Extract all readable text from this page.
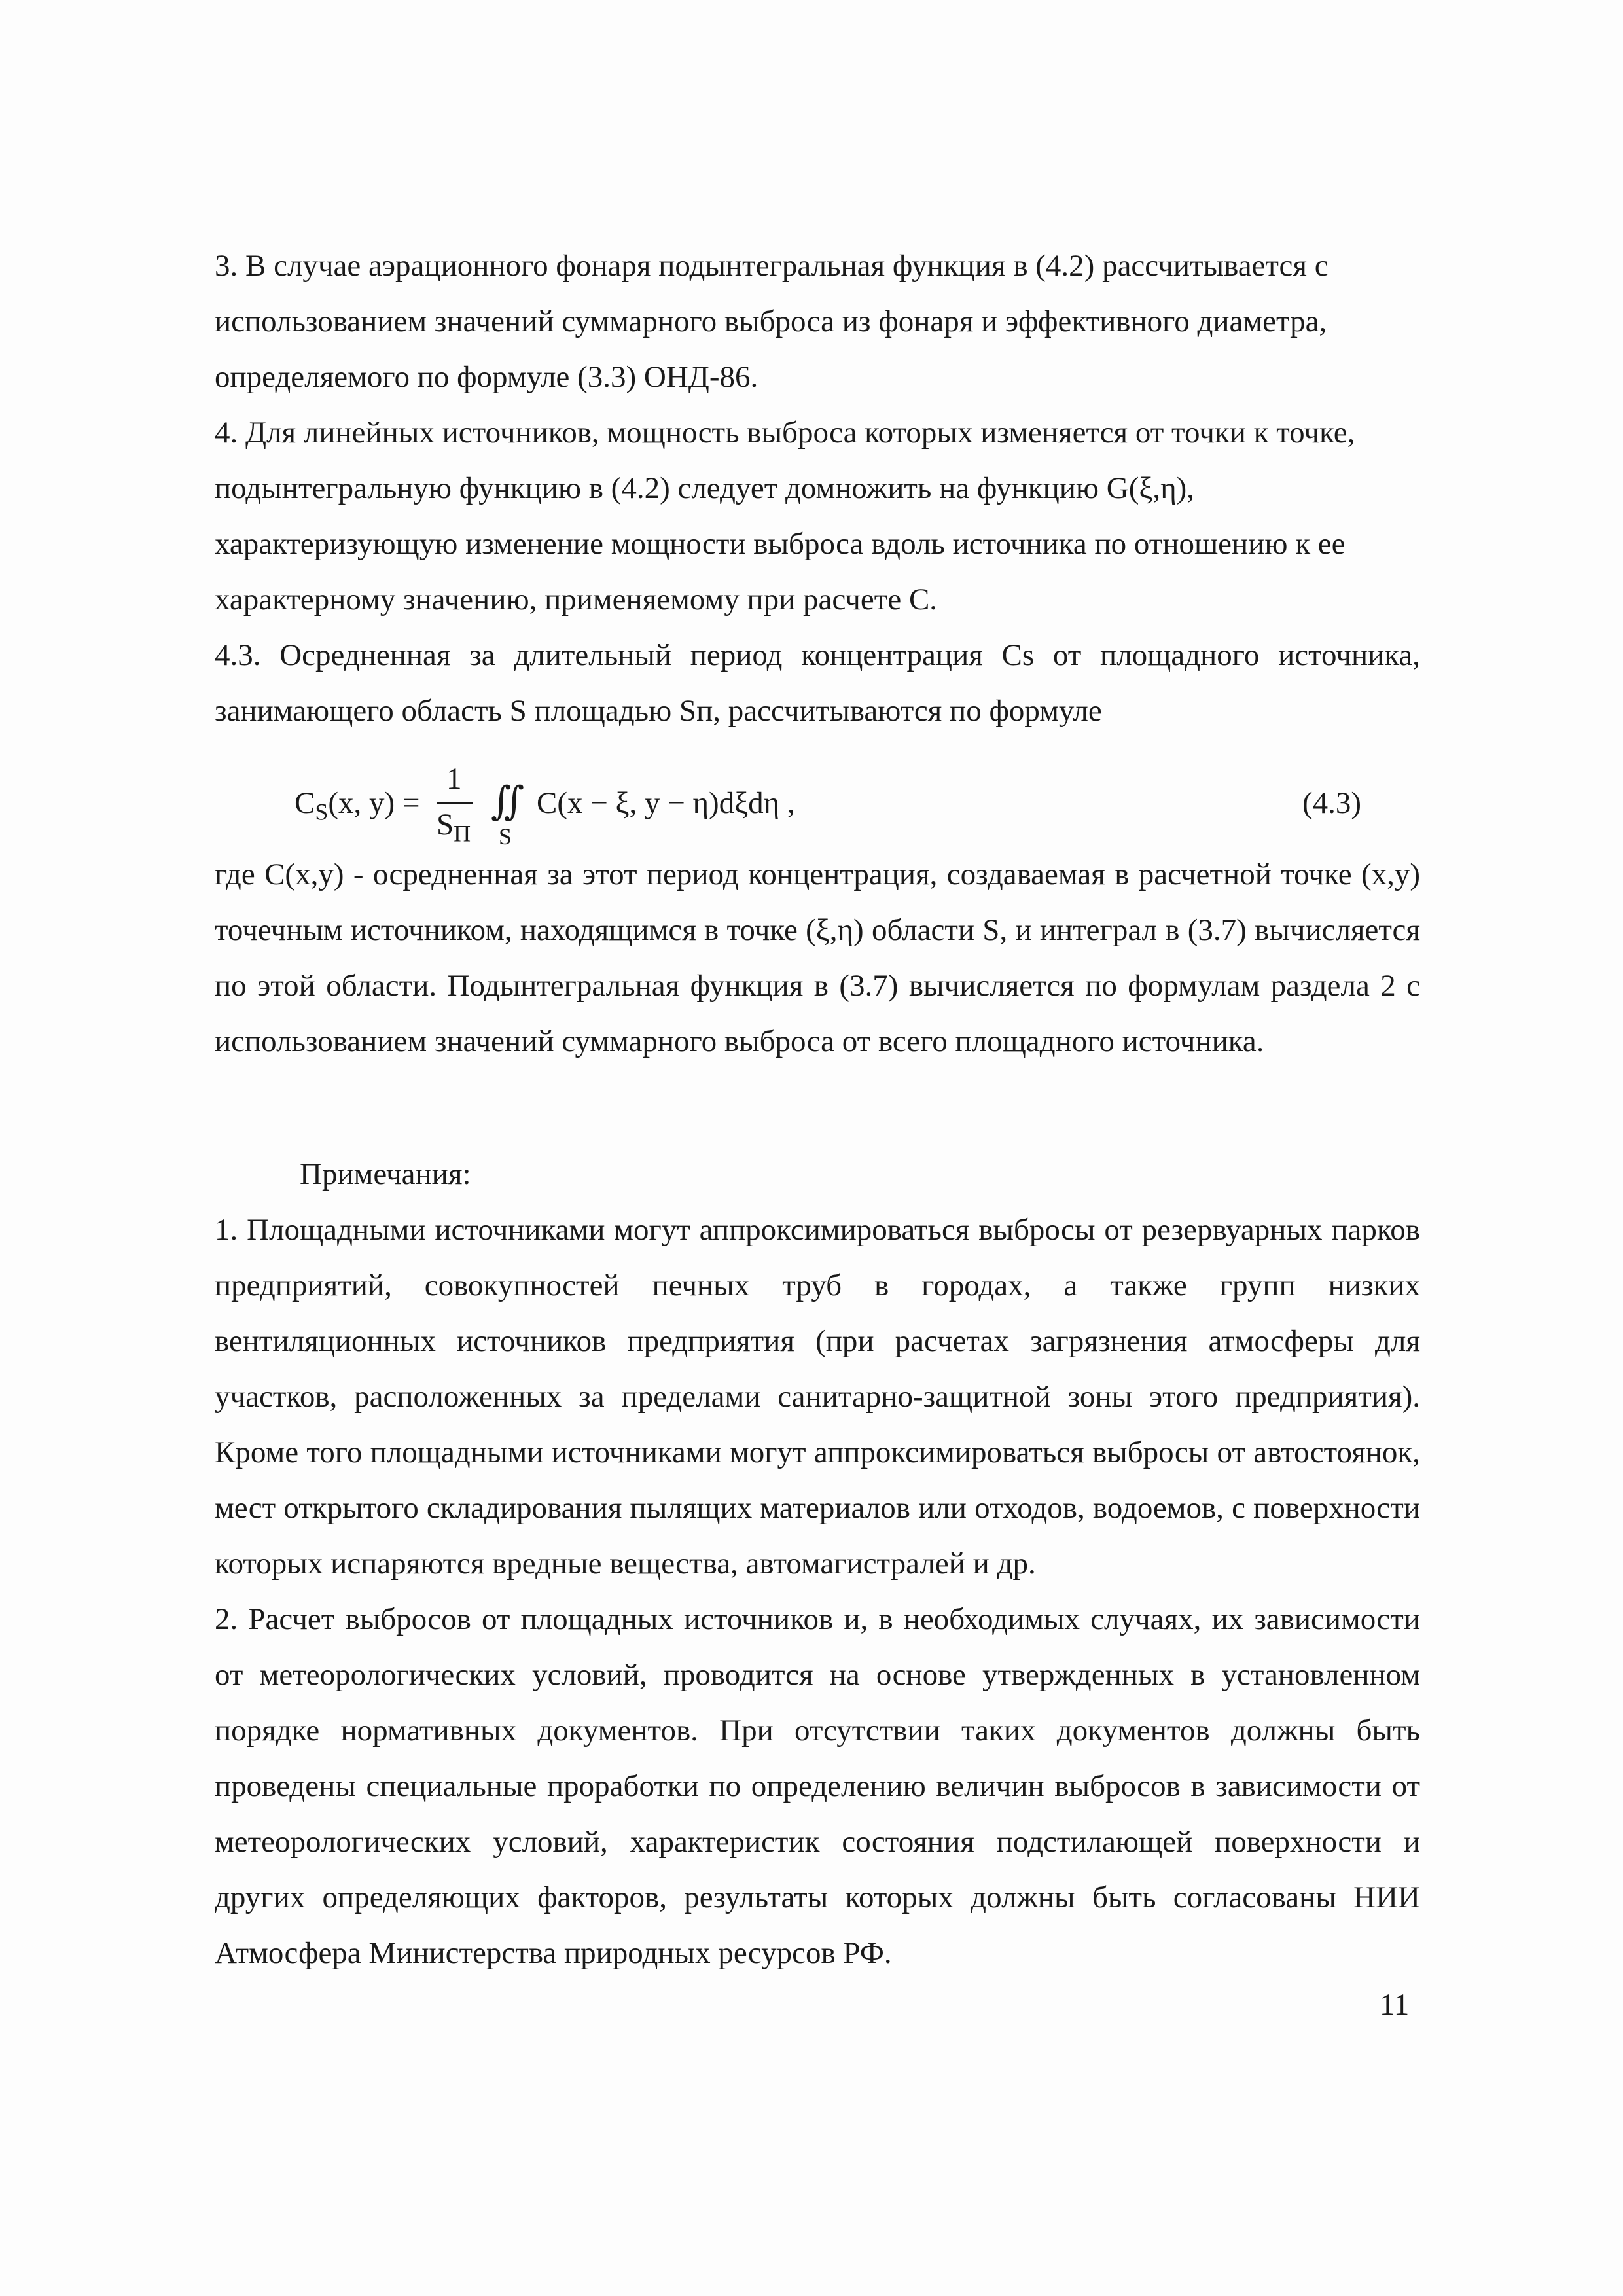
3. В случае аэрационного фонаря подынтегральная функция в (4.2) рассчитывается с использованием значений суммарного выброса из фонаря и эффективного диаметра, определяемого по формуле (3.3) ОНД-86.

4. Для линейных источников, мощность выброса которых изменяется от точки к точке, подынтегральную функцию в (4.2) следует домножить на функцию G(ξ,η), характеризующую изменение мощности выброса вдоль источника по отношению к ее характерному значению, применяемому при расчете С.

4.3. Осредненная за длительный период концентрация Cs от площадного источника, занимающего область S площадью Sп, рассчитываются по формуле

$C_S(x$, y) =
1
$S_П$
∬
S
C(x − ξ, y − η)dξdη ,	(4.3)

где C(x,y) - осредненная за этот период концентрация, создаваемая в расчетной точке (x,y) точечным источником, находящимся в точке (ξ,η) области S, и интеграл в (3.7) вычисляется по этой области. Подынтегральная функция в (3.7) вычисляется по формулам раздела 2 с использованием значений суммарного выброса от всего площадного источника.

Примечания:

1. Площадными источниками могут аппроксимироваться выбросы от резервуарных парков предприятий, совокупностей печных труб в городах, а также групп низких вентиляционных источников предприятия (при расчетах загрязнения атмосферы для участков, расположенных за пределами санитарно-защитной зоны этого предприятия). Кроме того площадными источниками могут аппроксимироваться выбросы от автостоянок, мест открытого складирования пылящих материалов или отходов, водоемов, с поверхности которых испаряются вредные вещества, автомагистралей и др.

2. Расчет выбросов от площадных источников и, в необходимых случаях, их зависимости от метеорологических условий, проводится на основе утвержденных в установленном порядке нормативных документов. При отсутствии таких документов должны быть проведены специальные проработки по определению величин выбросов в зависимости от метеорологических условий, характеристик состояния подстилающей поверхности и других определяющих факторов, результаты которых должны быть согласованы НИИ Атмосфера Министерства природных ресурсов РФ.

11
